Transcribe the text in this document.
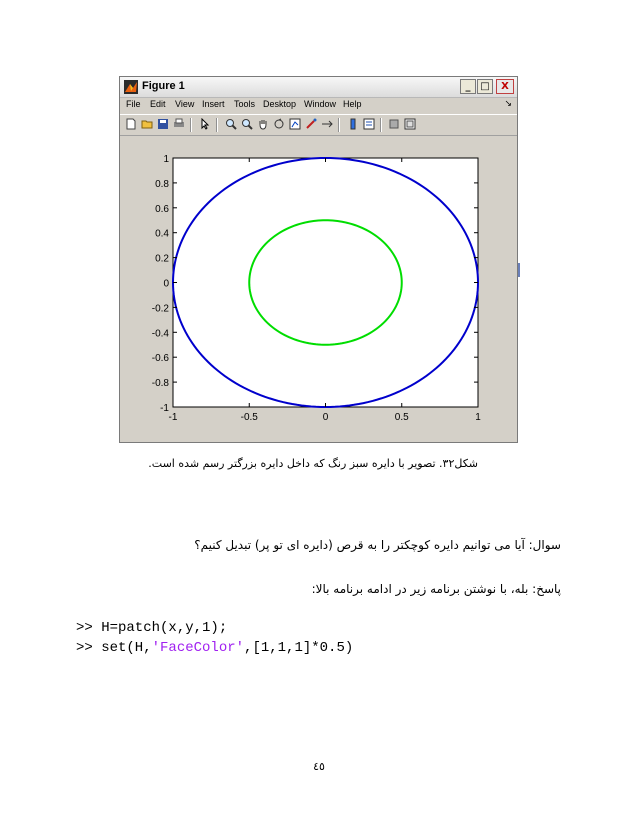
Figure 1	_ □	X
File Edit View Insert Tools Desktop Window Help	↘
-1	-0.5	0	0.5	1
1
0.8
0.6
0.4
0.2
0
-0.2
-0.4
-0.6
-0.8
-1
شکل۳۲. تصویر با دایره سبز رنگ که داخل دایره بزرگتر رسم شده است.
سوال: آیا می توانیم دایره کوچکتر را به قرص (دایره ای تو پر) تبدیل کنیم؟
پاسخ: بله، با نوشتن برنامه زیر در ادامه برنامه بالا:
>> H=patch(x,y,1);
>> set(H,'FaceColor',[1,1,1]*0.5)
٤٥
